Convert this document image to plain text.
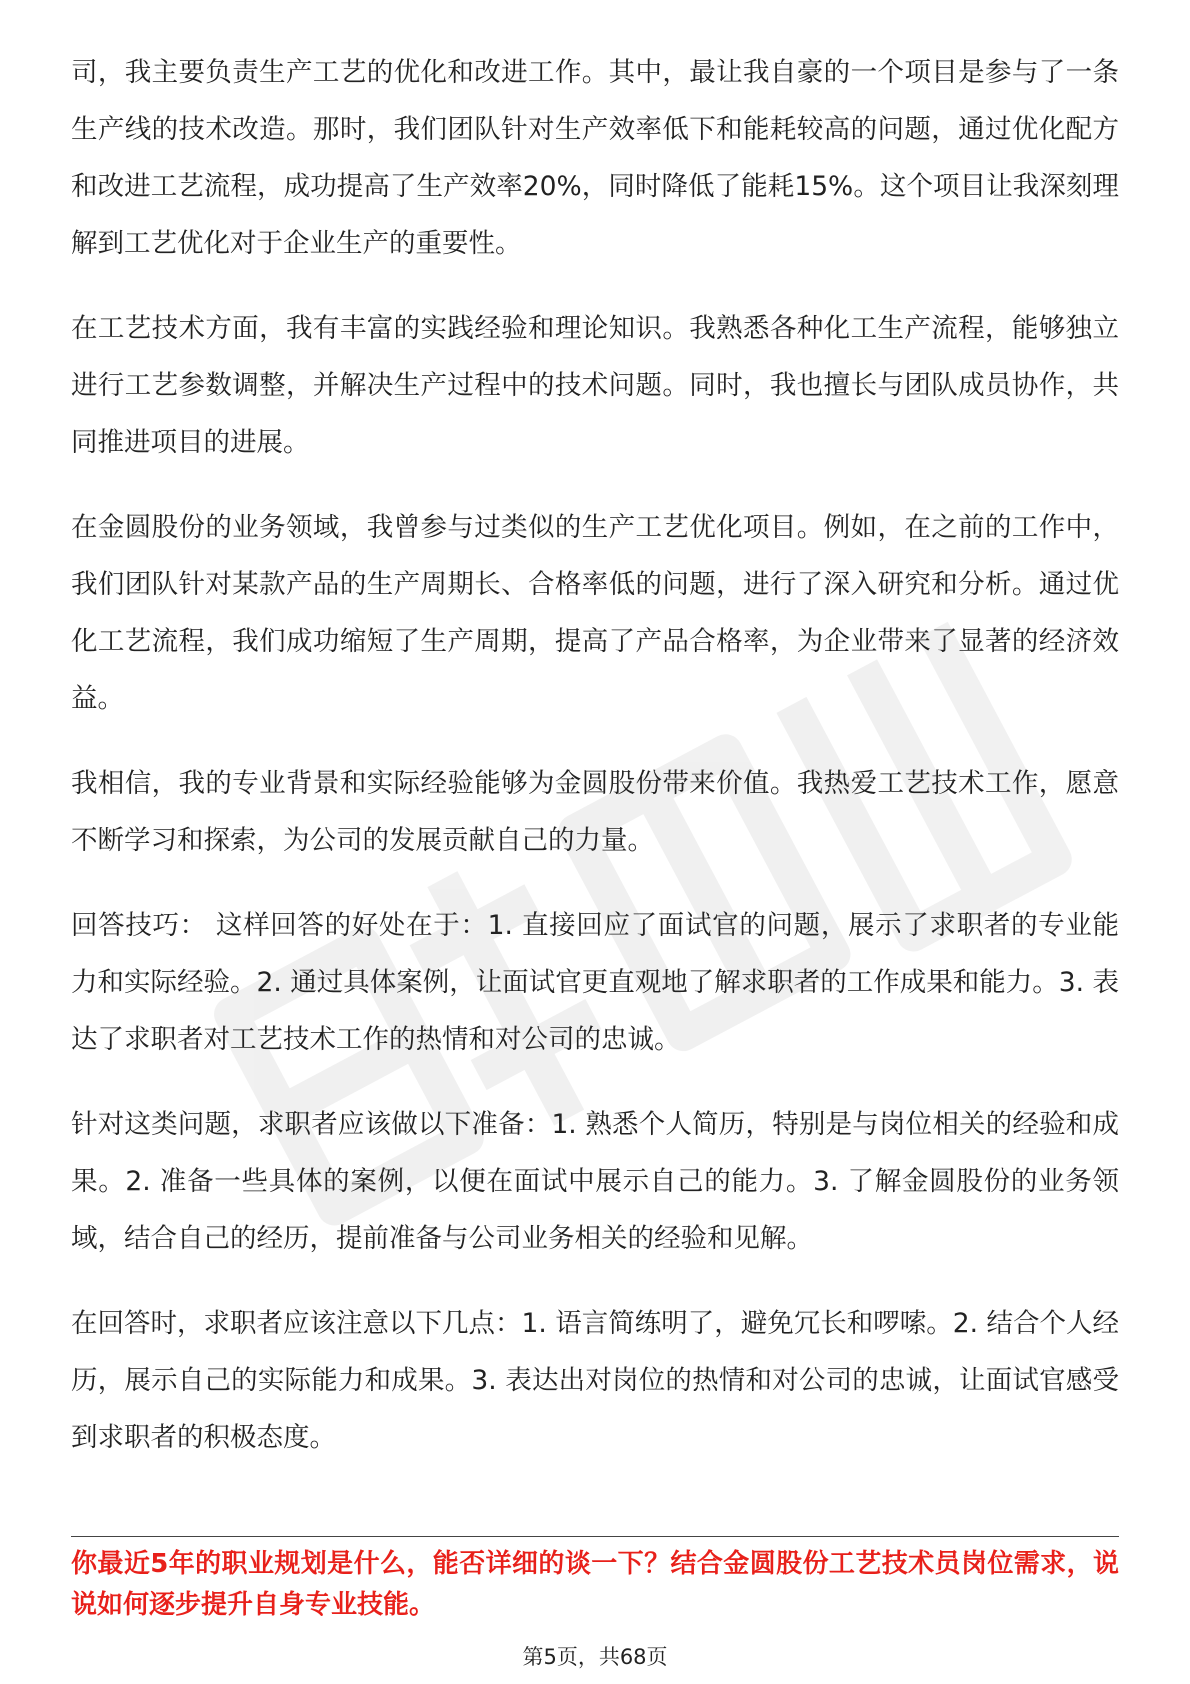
司，我主要负责生产工艺的优化和改进工作。其中，最让我自豪的一个项目是参与了一条生产线的技术改造。那时，我们团队针对生产效率低下和能耗较高的问题，通过优化配方和改进工艺流程，成功提高了生产效率20%，同时降低了能耗15%。这个项目让我深刻理解到工艺优化对于企业生产的重要性。

在工艺技术方面，我有丰富的实践经验和理论知识。我熟悉各种化工生产流程，能够独立进行工艺参数调整，并解决生产过程中的技术问题。同时，我也擅长与团队成员协作，共同推进项目的进展。

在金圆股份的业务领域，我曾参与过类似的生产工艺优化项目。例如，在之前的工作中，我们团队针对某款产品的生产周期长、合格率低的问题，进行了深入研究和分析。通过优化工艺流程，我们成功缩短了生产周期，提高了产品合格率，为企业带来了显著的经济效益。

我相信，我的专业背景和实际经验能够为金圆股份带来价值。我热爱工艺技术工作，愿意不断学习和探索，为公司的发展贡献自己的力量。

回答技巧： 这样回答的好处在于：1. 直接回应了面试官的问题，展示了求职者的专业能力和实际经验。2. 通过具体案例，让面试官更直观地了解求职者的工作成果和能力。3. 表达了求职者对工艺技术工作的热情和对公司的忠诚。

针对这类问题，求职者应该做以下准备：1. 熟悉个人简历，特别是与岗位相关的经验和成果。2. 准备一些具体的案例，以便在面试中展示自己的能力。3. 了解金圆股份的业务领域，结合自己的经历，提前准备与公司业务相关的经验和见解。

在回答时，求职者应该注意以下几点：1. 语言简练明了，避免冗长和啰嗦。2. 结合个人经历，展示自己的实际能力和成果。3. 表达出对岗位的热情和对公司的忠诚，让面试官感受到求职者的积极态度。

你最近5年的职业规划是什么，能否详细的谈一下？结合金圆股份工艺技术员岗位需求，说说如何逐步提升自身专业技能。

第5页，共68页
